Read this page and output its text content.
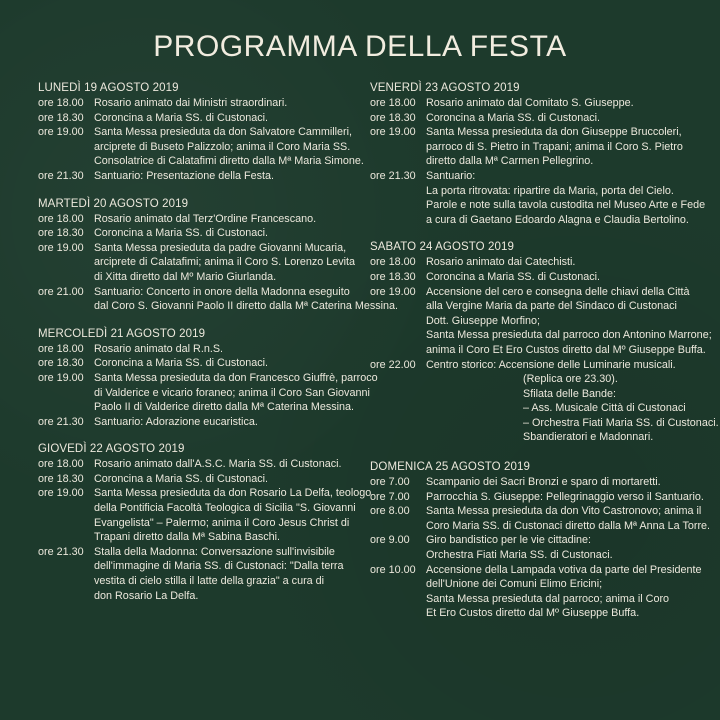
PROGRAMMA DELLA FESTA
LUNEDÌ 19 AGOSTO 2019
ore 18.00 Rosario animato dai Ministri straordinari.
ore 18.30 Coroncina a Maria SS. di Custonaci.
ore 19.00 Santa Messa presieduta da don Salvatore Cammilleri,
arciprete di Buseto Palizzolo; anima il Coro Maria SS.
Consolatrice di Calatafimi diretto dalla Mª Maria Simone.
ore 21.30 Santuario: Presentazione della Festa.
MARTEDÌ 20 AGOSTO 2019
ore 18.00 Rosario animato dal Terz'Ordine Francescano.
ore 18.30 Coroncina a Maria SS. di Custonaci.
ore 19.00 Santa Messa presieduta da padre Giovanni Mucaria,
arciprete di Calatafimi; anima il Coro S. Lorenzo Levita
di Xitta diretto dal Mº Mario Giurlanda.
ore 21.00 Santuario: Concerto in onore della Madonna eseguito
dal Coro S. Giovanni Paolo II diretto dalla Mª Caterina Messina.
MERCOLEDÌ 21 AGOSTO 2019
ore 18.00 Rosario animato dal R.n.S.
ore 18.30 Coroncina a Maria SS. di Custonaci.
ore 19.00 Santa Messa presieduta da don Francesco Giuffrè, parroco
di Valderice e vicario foraneo; anima il Coro San Giovanni
Paolo II di Valderice diretto dalla Mª Caterina Messina.
ore 21.30 Santuario: Adorazione eucaristica.
GIOVEDÌ 22 AGOSTO 2019
ore 18.00 Rosario animato dall'A.S.C. Maria SS. di Custonaci.
ore 18.30 Coroncina a Maria SS. di Custonaci.
ore 19.00 Santa Messa presieduta da don Rosario La Delfa, teologo
della Pontificia Facoltà Teologica di Sicilia "S. Giovanni
Evangelista" – Palermo; anima il Coro Jesus Christ di
Trapani diretto dalla Mª Sabina Baschi.
ore 21.30 Stalla della Madonna: Conversazione sull'invisibile
dell'immagine di Maria SS. di Custonaci: "Dalla terra
vestita di cielo stilla il latte della grazia" a cura di
don Rosario La Delfa.
VENERDÌ 23 AGOSTO 2019
ore 18.00 Rosario animato dal Comitato S. Giuseppe.
ore 18.30 Coroncina a Maria SS. di Custonaci.
ore 19.00 Santa Messa presieduta da don Giuseppe Bruccoleri,
parroco di S. Pietro in Trapani; anima il Coro S. Pietro
diretto dalla Mª Carmen Pellegrino.
ore 21.30 Santuario:
La porta ritrovata: ripartire da Maria, porta del Cielo.
Parole e note sulla tavola custodita nel Museo Arte e Fede
a cura di Gaetano Edoardo Alagna e Claudia Bertolino.
SABATO 24 AGOSTO 2019
ore 18.00 Rosario animato dai Catechisti.
ore 18.30 Coroncina a Maria SS. di Custonaci.
ore 19.00 Accensione del cero e consegna delle chiavi della Città
alla Vergine Maria da parte del Sindaco di Custonaci
Dott. Giuseppe Morfino;
Santa Messa presieduta dal parroco don Antonino Marrone;
anima il Coro Et Ero Custos diretto dal Mº Giuseppe Buffa.
ore 22.00 Centro storico: Accensione delle Luminarie musicali.
(Replica ore 23.30).
Sfilata delle Bande:
– Ass. Musicale Città di Custonaci
– Orchestra Fiati Maria SS. di Custonaci.
Sbandieratori e Madonnari.
DOMENICA 25 AGOSTO 2019
ore 7.00	Scampanio dei Sacri Bronzi e sparo di mortaretti.
ore 7.00	Parrocchia S. Giuseppe: Pellegrinaggio verso il Santuario.
ore 8.00	Santa Messa presieduta da don Vito Castronovo; anima il
Coro Maria SS. di Custonaci diretto dalla Mª Anna La Torre.
ore 9.00	Giro bandistico per le vie cittadine:
Orchestra Fiati Maria SS. di Custonaci.
ore 10.00 Accensione della Lampada votiva da parte del Presidente
dell'Unione dei Comuni Elimo Ericini;
Santa Messa presieduta dal parroco; anima il Coro
Et Ero Custos diretto dal Mº Giuseppe Buffa.
